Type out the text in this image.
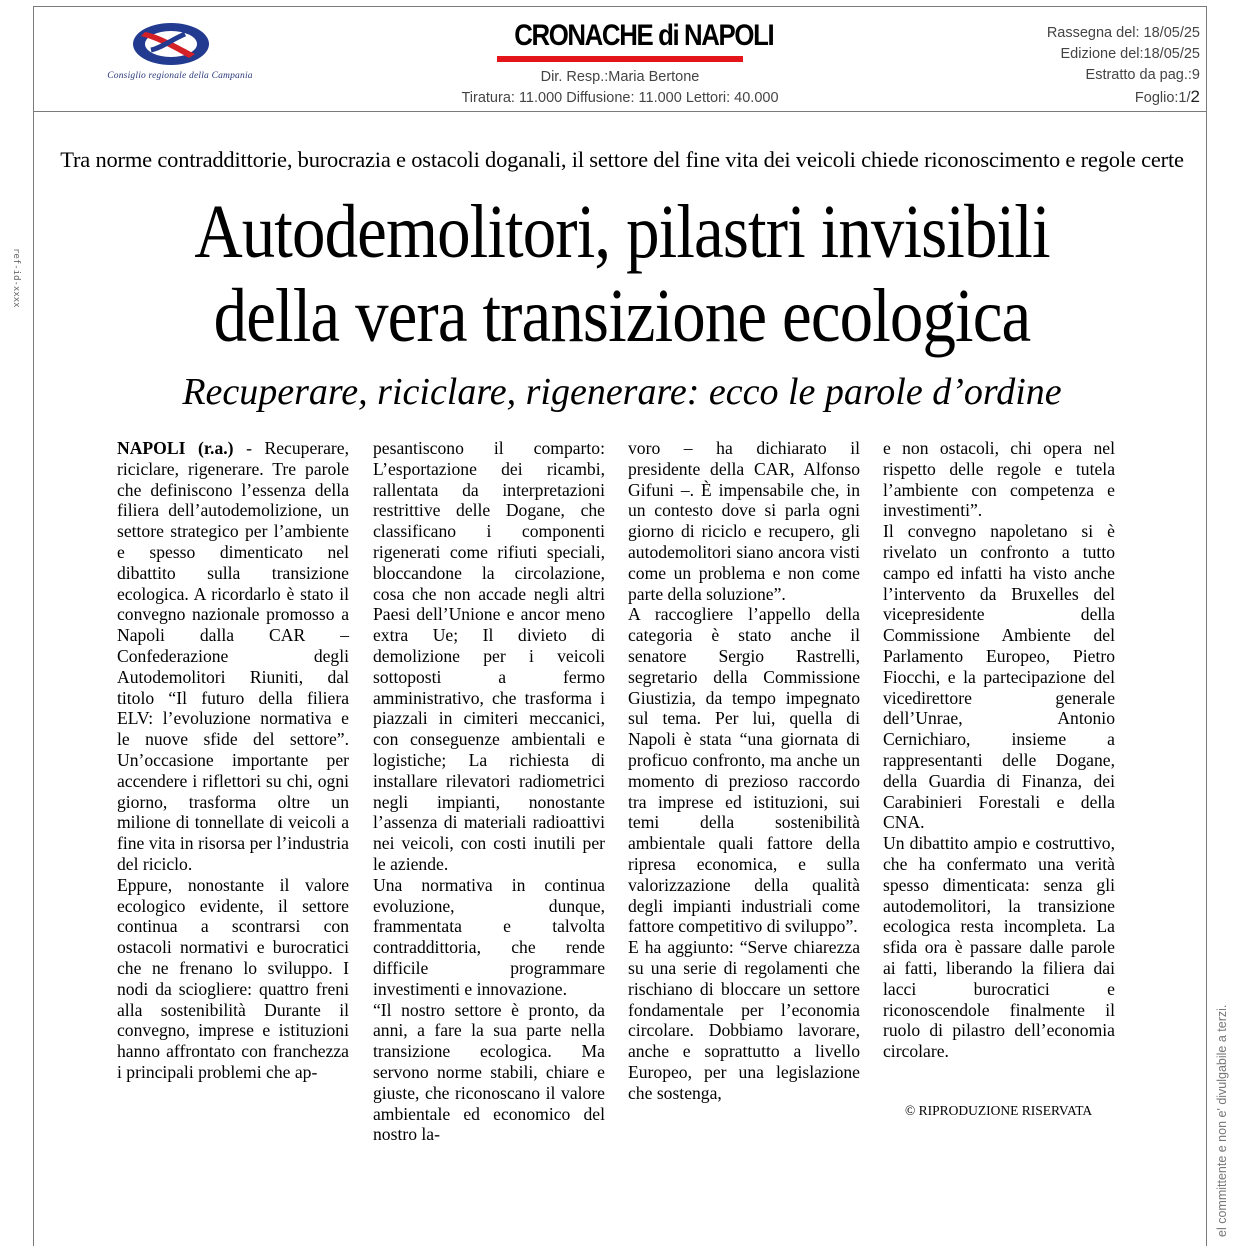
Consiglio regionale della Campania
CRONACHE di NAPOLI
Dir. Resp.:Maria Bertone
Tiratura: 11.000 Diffusione: 11.000 Lettori: 40.000
Rassegna del: 18/05/25
Edizione del:18/05/25
Estratto da pag.:9
Foglio:1/2
ref-id-xxxx
el committente e non e' divulgabile a terzi.
Tra norme contraddittorie, burocrazia e ostacoli doganali, il settore del fine vita dei veicoli chiede riconoscimento e regole certe
Autodemolitori, pilastri invisibili
della vera transizione ecologica
Recuperare, riciclare, rigenerare: ecco le parole d’ordine

NAPOLI (r.a.) - Recuperare, riciclare, rigenerare. Tre parole che definiscono l’essenza della filiera dell’autodemolizione, un settore strategico per l’ambiente e spesso dimenticato nel dibattito sulla transizione ecologica. A ricordarlo è stato il convegno nazionale promosso a Napoli dalla CAR – Confederazione degli Autodemolitori Riuniti, dal titolo “Il futuro della filiera ELV: l’evoluzione normativa e le nuove sfide del settore”. Un’occasione importante per accendere i riflettori su chi, ogni giorno, trasforma oltre un milione di tonnellate di veicoli a fine vita in risorsa per l’industria del riciclo.

Eppure, nonostante il valore ecologico evidente, il settore continua a scontrarsi con ostacoli normativi e burocratici che ne frenano lo sviluppo. I nodi da sciogliere: quattro freni alla sostenibilità Durante il convegno, imprese e istituzioni hanno affrontato con franchezza i principali problemi che ap-

pesantiscono il comparto: L’esportazione dei ricambi, rallentata da interpretazioni restrittive delle Dogane, che classificano i componenti rigenerati come rifiuti speciali, bloccandone la circolazione, cosa che non accade negli altri Paesi dell’Unione e ancor meno extra Ue; Il divieto di demolizione per i veicoli sottoposti a fermo amministrativo, che trasforma i piazzali in cimiteri meccanici, con conseguenze ambientali e logistiche; La richiesta di installare rilevatori radiometrici negli impianti, nonostante l’assenza di materiali radioattivi nei veicoli, con costi inutili per le aziende.

Una normativa in continua evoluzione, dunque, frammentata e talvolta contraddittoria, che rende difficile programmare investimenti e innovazione.

“Il nostro settore è pronto, da anni, a fare la sua parte nella transizione ecologica. Ma servono norme stabili, chiare e giuste, che riconoscano il valore ambientale ed economico del nostro la-

voro – ha dichiarato il presidente della CAR, Alfonso Gifuni –. È impensabile che, in un contesto dove si parla ogni giorno di riciclo e recupero, gli autodemolitori siano ancora visti come un problema e non come parte della soluzione”.

A raccogliere l’appello della categoria è stato anche il senatore Sergio Rastrelli, segretario della Commissione Giustizia, da tempo impegnato sul tema. Per lui, quella di Napoli è stata “una giornata di proficuo confronto, ma anche un momento di prezioso raccordo tra imprese ed istituzioni, sui temi della sostenibilità ambientale quali fattore della ripresa economica, e sulla valorizzazione della qualità degli impianti industriali come fattore competitivo di sviluppo”.

E ha aggiunto: “Serve chiarezza su una serie di regolamenti che rischiano di bloccare un settore fondamentale per l’economia circolare. Dobbiamo lavorare, anche e soprattutto a livello Europeo, per una legislazione che sostenga,

e non ostacoli, chi opera nel rispetto delle regole e tutela l’ambiente con competenza e investimenti”.

Il convegno napoletano si è rivelato un confronto a tutto campo ed infatti ha visto anche l’intervento da Bruxelles del vicepresidente della Commissione Ambiente del Parlamento Europeo, Pietro Fiocchi, e la partecipazione del vicedirettore generale dell’Unrae, Antonio Cernichiaro, insieme a rappresentanti delle Dogane, della Guardia di Finanza, dei Carabinieri Forestali e della CNA.

Un dibattito ampio e costruttivo, che ha confermato una verità spesso dimenticata: senza gli autodemolitori, la transizione ecologica resta incompleta. La sfida ora è passare dalle parole ai fatti, liberando la filiera dai lacci burocratici e riconoscendole finalmente il ruolo di pilastro dell’economia circolare.

© RIPRODUZIONE RISERVATA
